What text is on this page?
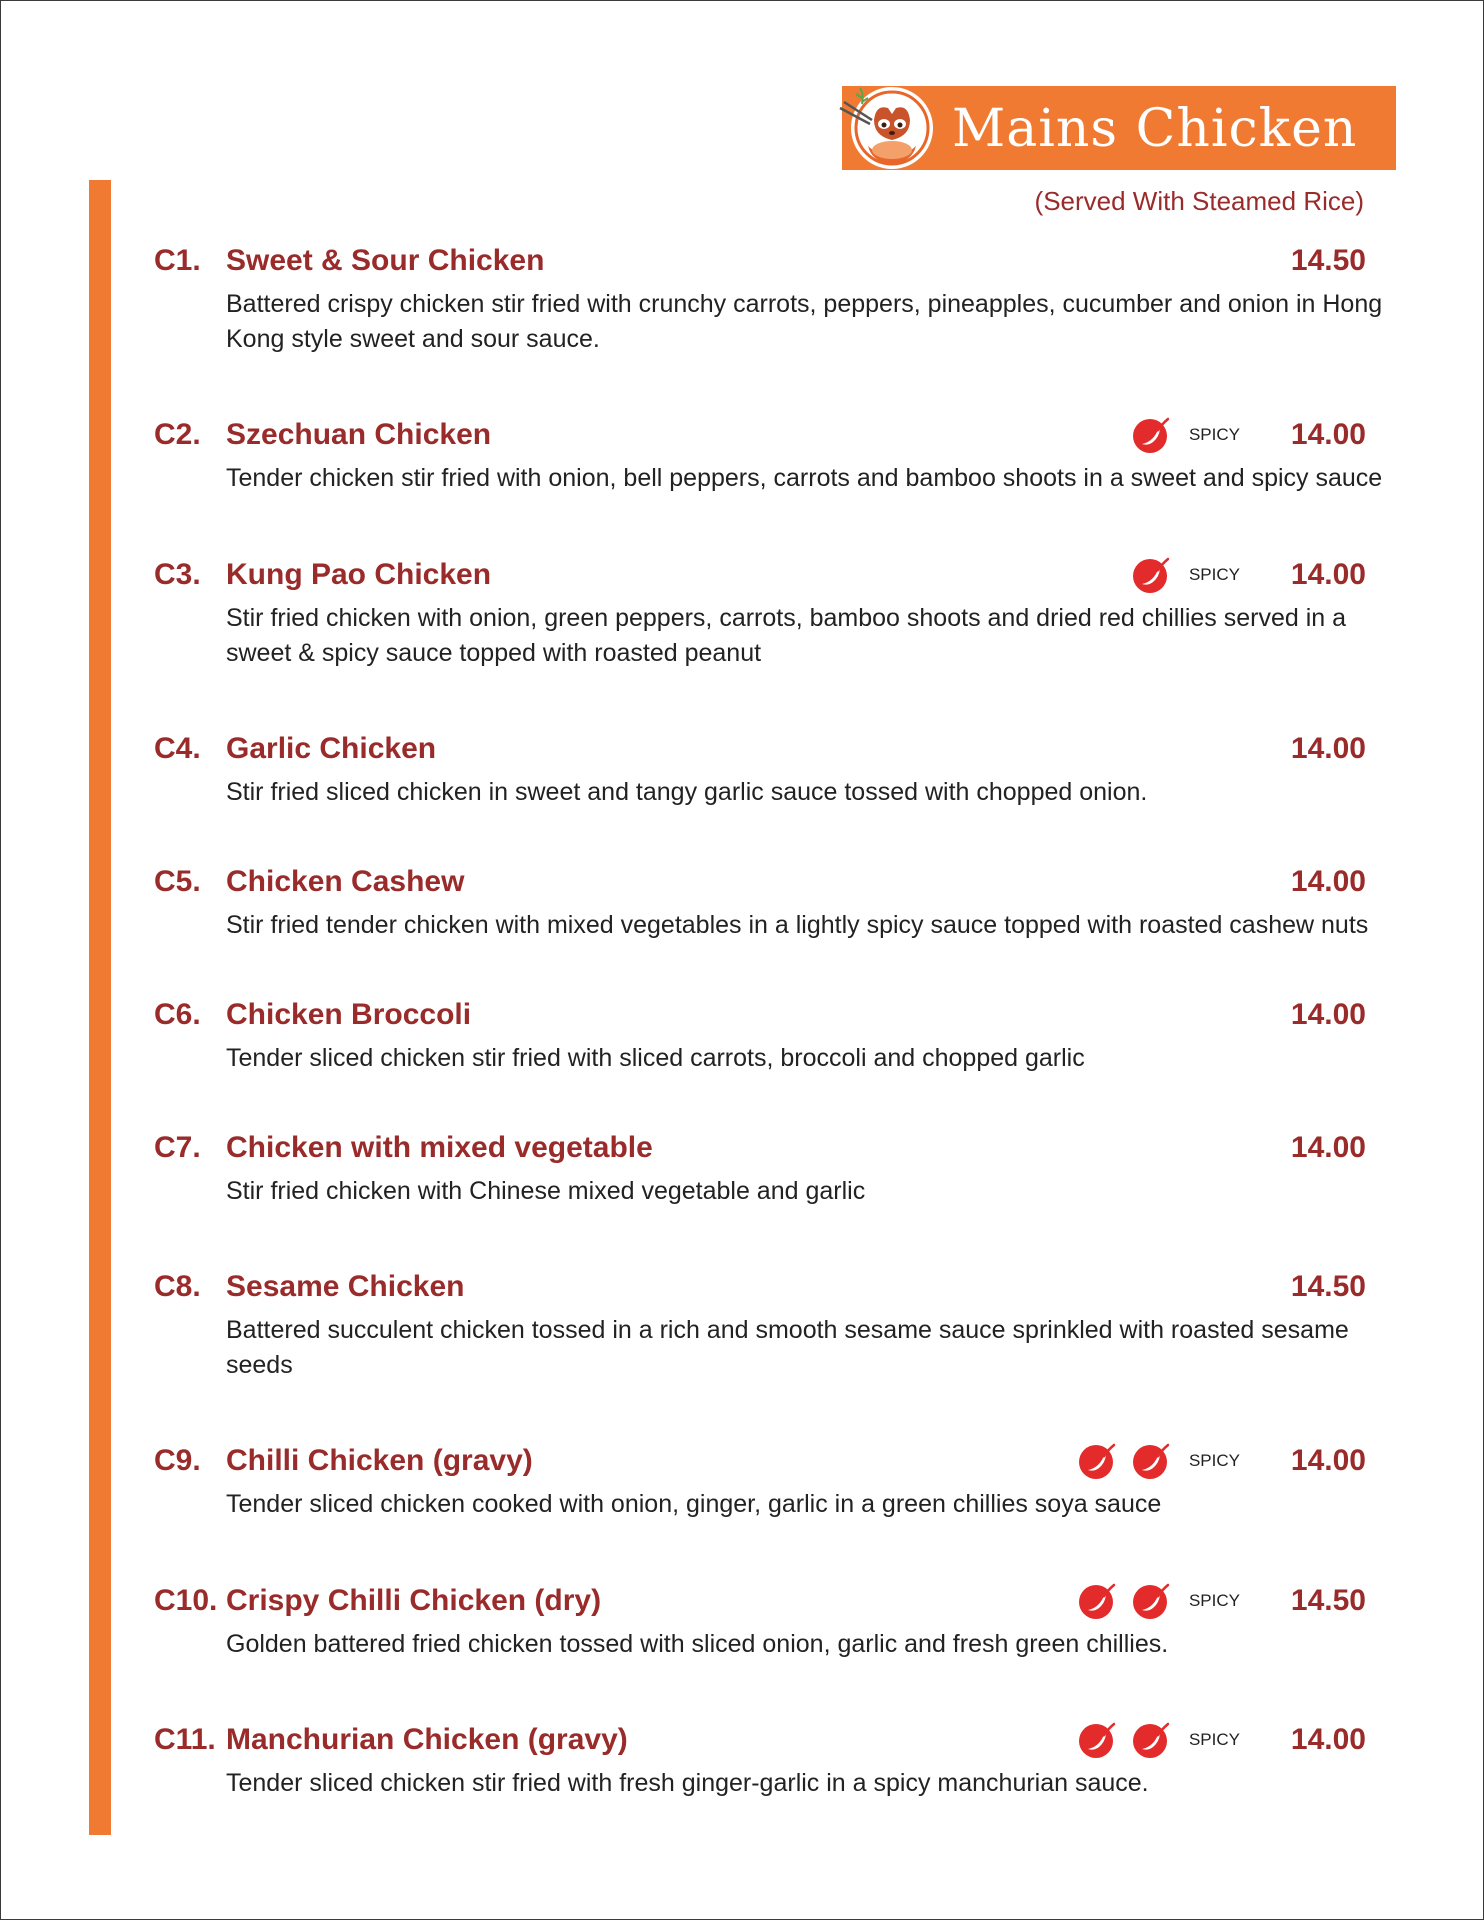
Mains Chicken
(Served With Steamed Rice)
C1. Sweet & Sour Chicken	14.50
Battered crispy chicken stir fried with crunchy carrots, peppers, pineapples, cucumber and onion in Hong Kong style sweet and sour sauce.
C2. Szechuan Chicken	SPICY 14.00
Tender chicken stir fried with onion, bell peppers, carrots and bamboo shoots in a sweet and spicy sauce
C3. Kung Pao Chicken	SPICY 14.00
Stir fried chicken with onion, green peppers, carrots, bamboo shoots and dried red chillies served in a sweet & spicy sauce topped with roasted peanut
C4. Garlic Chicken	14.00
Stir fried sliced chicken in sweet and tangy garlic sauce tossed with chopped onion.
C5. Chicken Cashew	14.00
Stir fried tender chicken with mixed vegetables in a lightly spicy sauce topped with roasted cashew nuts
C6. Chicken Broccoli	14.00
Tender sliced chicken stir fried with sliced carrots, broccoli and chopped garlic
C7. Chicken with mixed vegetable	14.00
Stir fried chicken with Chinese mixed vegetable and garlic
C8. Sesame Chicken	14.50
Battered succulent chicken tossed in a rich and smooth sesame sauce sprinkled with roasted sesame seeds
C9. Chilli Chicken (gravy)	SPICY 14.00
Tender sliced chicken cooked with onion, ginger, garlic in a green chillies soya sauce
C10. Crispy Chilli Chicken (dry)	SPICY 14.50
Golden battered fried chicken tossed with sliced onion, garlic and fresh green chillies.
C11. Manchurian Chicken (gravy)	SPICY 14.00
Tender sliced chicken stir fried with fresh ginger-garlic in a spicy manchurian sauce.
